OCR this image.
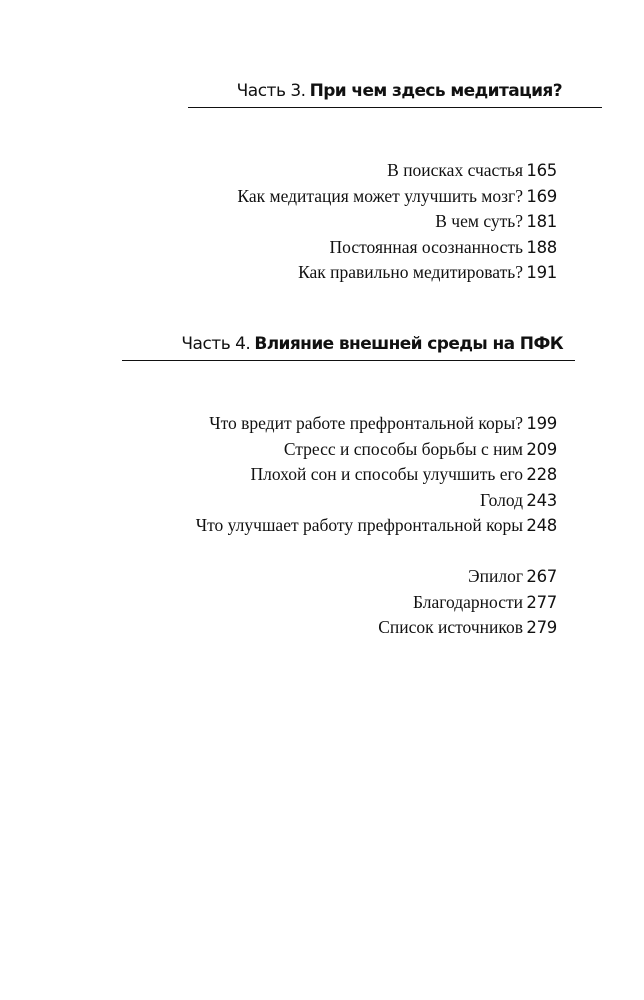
Часть 3. При чем здесь медитация?
В поисках счастья 165
Как медитация может улучшить мозг? 169
В чем суть? 181
Постоянная осознанность 188
Как правильно медитировать? 191
Часть 4. Влияние внешней среды на ПФК
Что вредит работе префронтальной коры? 199
Стресс и способы борьбы с ним 209
Плохой сон и способы улучшить его 228
Голод 243
Что улучшает работу префронтальной коры 248
Эпилог 267
Благодарности 277
Список источников 279
